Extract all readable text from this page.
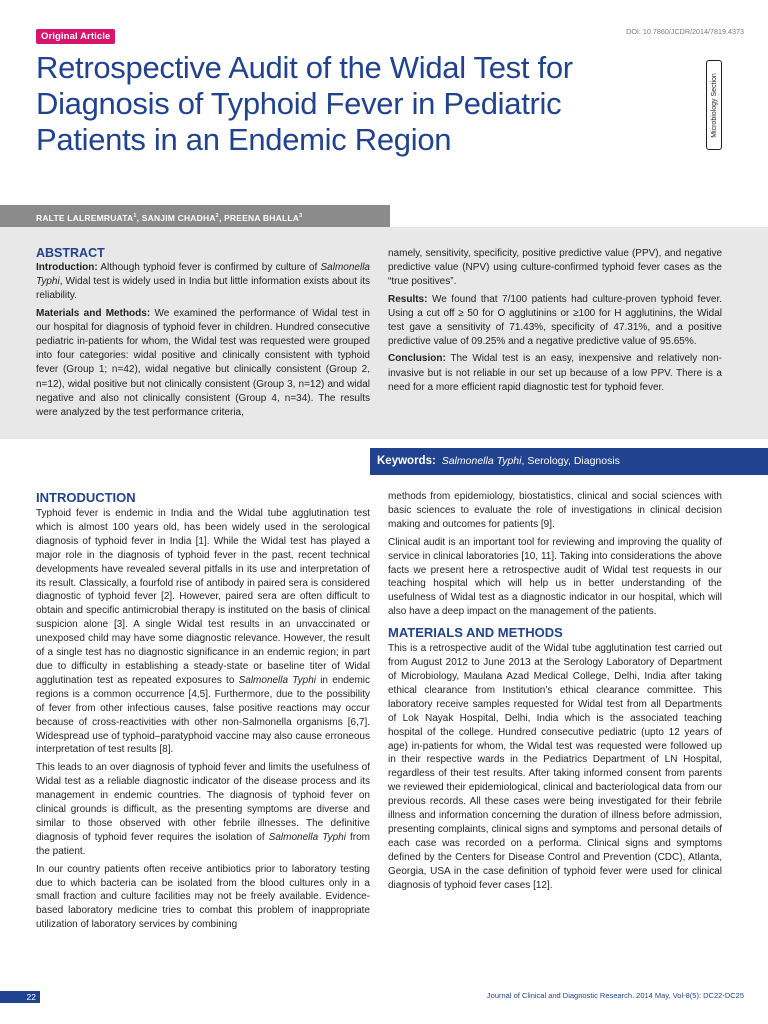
Original Article	DOI: 10.7860/JCDR/2014/7819.4373
Retrospective Audit of the Widal Test for Diagnosis of Typhoid Fever in Pediatric Patients in an Endemic Region
Microbiology Section
RALTE LALREMRUATA$^1$, SANJIM CHADHA$^2$, PREENA BHALLA$^3$
ABSTRACT

Introduction: Although typhoid fever is confirmed by culture of Salmonella Typhi, Widal test is widely used in India but little information exists about its reliability.

Materials and Methods: We examined the performance of Widal test in our hospital for diagnosis of typhoid fever in children. Hundred consecutive pediatric in-patients for whom, the Widal test was requested were grouped into four categories: widal positive and clinically consistent with typhoid fever (Group 1; n=42), widal negative but clinically consistent (Group 2, n=12), widal positive but not clinically consistent (Group 3, n=12) and widal negative and also not clinically consistent (Group 4, n=34). The results were analyzed by the test performance criteria,

namely, sensitivity, specificity, positive predictive value (PPV), and negative predictive value (NPV) using culture-confirmed typhoid fever cases as the “true positives”.

Results: We found that 7/100 patients had culture-proven typhoid fever. Using a cut off ≥ 50 for O agglutinins or ≥100 for H agglutinins, the Widal test gave a sensitivity of 71.43%, specificity of 47.31%, and a positive predictive value of 09.25% and a negative predictive value of 95.65%.

Conclusion: The Widal test is an easy, inexpensive and relatively non-invasive but is not reliable in our set up because of a low PPV. There is a need for a more efficient rapid diagnostic test for typhoid fever.

Keywords: Salmonella Typhi, Serology, Diagnosis
INTRODUCTION

Typhoid fever is endemic in India and the Widal tube agglutination test which is almost 100 years old, has been widely used in the serological diagnosis of typhoid fever in India [1]. While the Widal test has played a major role in the diagnosis of typhoid fever in the past, recent technical developments have revealed several pitfalls in its use and interpretation of its result. Classically, a fourfold rise of antibody in paired sera is considered diagnostic of typhoid fever [2]. However, paired sera are often difficult to obtain and specific antimicrobial therapy is instituted on the basis of clinical suspicion alone [3]. A single Widal test results in an unvaccinated or unexposed child may have some diagnostic relevance. However, the result of a single test has no diagnostic significance in an endemic region; in part due to difficulty in establishing a steady-state or baseline titer of Widal agglutination test as repeated exposures to Salmonella Typhi in endemic regions is a common occurrence [4,5]. Furthermore, due to the possibility of fever from other infectious causes, false positive reactions may occur because of cross-reactivities with other non-Salmonella organisms [6,7]. Widespread use of typhoid–paratyphoid vaccine may also cause erroneous interpretation of test results [8].

This leads to an over diagnosis of typhoid fever and limits the usefulness of Widal test as a reliable diagnostic indicator of the disease process and its management in endemic countries. The diagnosis of typhoid fever on clinical grounds is difficult, as the presenting symptoms are diverse and similar to those observed with other febrile illnesses. The definitive diagnosis of typhoid fever requires the isolation of Salmonella Typhi from the patient.

In our country patients often receive antibiotics prior to laboratory testing due to which bacteria can be isolated from the blood cultures only in a small fraction and culture facilities may not be freely available. Evidence-based laboratory medicine tries to combat this problem of inappropriate utilization of laboratory services by combining

methods from epidemiology, biostatistics, clinical and social sciences with basic sciences to evaluate the role of investigations in clinical decision making and outcomes for patients [9].

Clinical audit is an important tool for reviewing and improving the quality of service in clinical laboratories [10, 11]. Taking into considerations the above facts we present here a retrospective audit of Widal test requests in our teaching hospital which will help us in better understanding of the usefulness of Widal test as a diagnostic indicator in our hospital, which will also have a deep impact on the management of the patients.

MATERIALS AND METHODS

This is a retrospective audit of the Widal tube agglutination test carried out from August 2012 to June 2013 at the Serology Laboratory of Department of Microbiology, Maulana Azad Medical College, Delhi, India after taking ethical clearance from Institution’s ethical clearance committee. This laboratory receive samples requested for Widal test from all Departments of Lok Nayak Hospital, Delhi, India which is the associated teaching hospital of the college. Hundred consecutive pediatric (upto 12 years of age) in-patients for whom, the Widal test was requested were followed up in their respective wards in the Pediatrics Department of LN Hospital, regardless of their test results. After taking informed consent from parents we reviewed their epidemiological, clinical and bacteriological data from our previous records. All these cases were being investigated for their febrile illness and information concerning the duration of illness before admission, presenting complaints, clinical signs and symptoms and personal details of each case was recorded on a performa. Clinical signs and symptoms defined by the Centers for Disease Control and Prevention (CDC), Atlanta, Georgia, USA in the case definition of typhoid fever were used for clinical diagnosis of typhoid fever cases [12].

22	Journal of Clinical and Diagnostic Research. 2014 May, Vol-8(5): DC22-DC25
